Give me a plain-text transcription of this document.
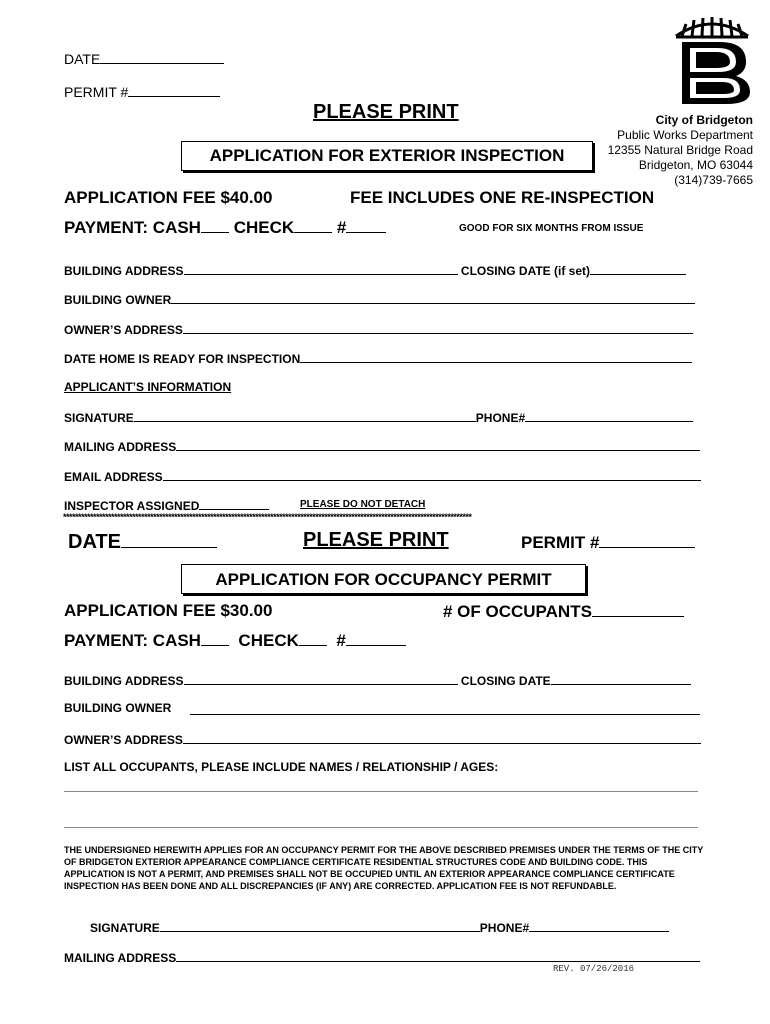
DATE
PERMIT #
PLEASE PRINT	City of Bridgeton
Public Works Department
12355 Natural Bridge Road
Bridgeton, MO 63044
(314)739-7665
APPLICATION FOR EXTERIOR INSPECTION
APPLICATION FEE $40.00	FEE INCLUDES ONE RE-INSPECTION
PAYMENT: CASH CHECK	#	GOOD FOR SIX MONTHS FROM ISSUE
BUILDING ADDRESS	CLOSING DATE (if set)
BUILDING OWNER
OWNER’S ADDRESS
DATE HOME IS READY FOR INSPECTION
APPLICANT’S INFORMATION
SIGNATURE	PHONE#
MAILING ADDRESS
EMAIL ADDRESS
INSPECTOR ASSIGNED	PLEASE DO NOT DETACH
****************************************************************************************************************************************
DATE	PLEASE PRINT	PERMIT #
APPLICATION FOR OCCUPANCY PERMIT
APPLICATION FEE $30.00	# OF OCCUPANTS
PAYMENT: CASH CHECK #
BUILDING ADDRESS	CLOSING DATE
BUILDING OWNER
OWNER’S ADDRESS
LIST ALL OCCUPANTS, PLEASE INCLUDE NAMES / RELATIONSHIP / AGES:
THE UNDERSIGNED HEREWITH APPLIES FOR AN OCCUPANCY PERMIT FOR THE ABOVE DESCRIBED PREMISES UNDER THE TERMS OF THE CITY OF BRIDGETON EXTERIOR APPEARANCE COMPLIANCE CERTIFICATE RESIDENTIAL STRUCTURES CODE AND BUILDING CODE. THIS APPLICATION IS NOT A PERMIT, AND PREMISES SHALL NOT BE OCCUPIED UNTIL AN EXTERIOR APPEARANCE COMPLIANCE CERTIFICATE INSPECTION HAS BEEN DONE AND ALL DISCREPANCIES (IF ANY) ARE CORRECTED. APPLICATION FEE IS NOT REFUNDABLE.
SIGNATURE	PHONE#
MAILING ADDRESS
REV. 07/26/2016
